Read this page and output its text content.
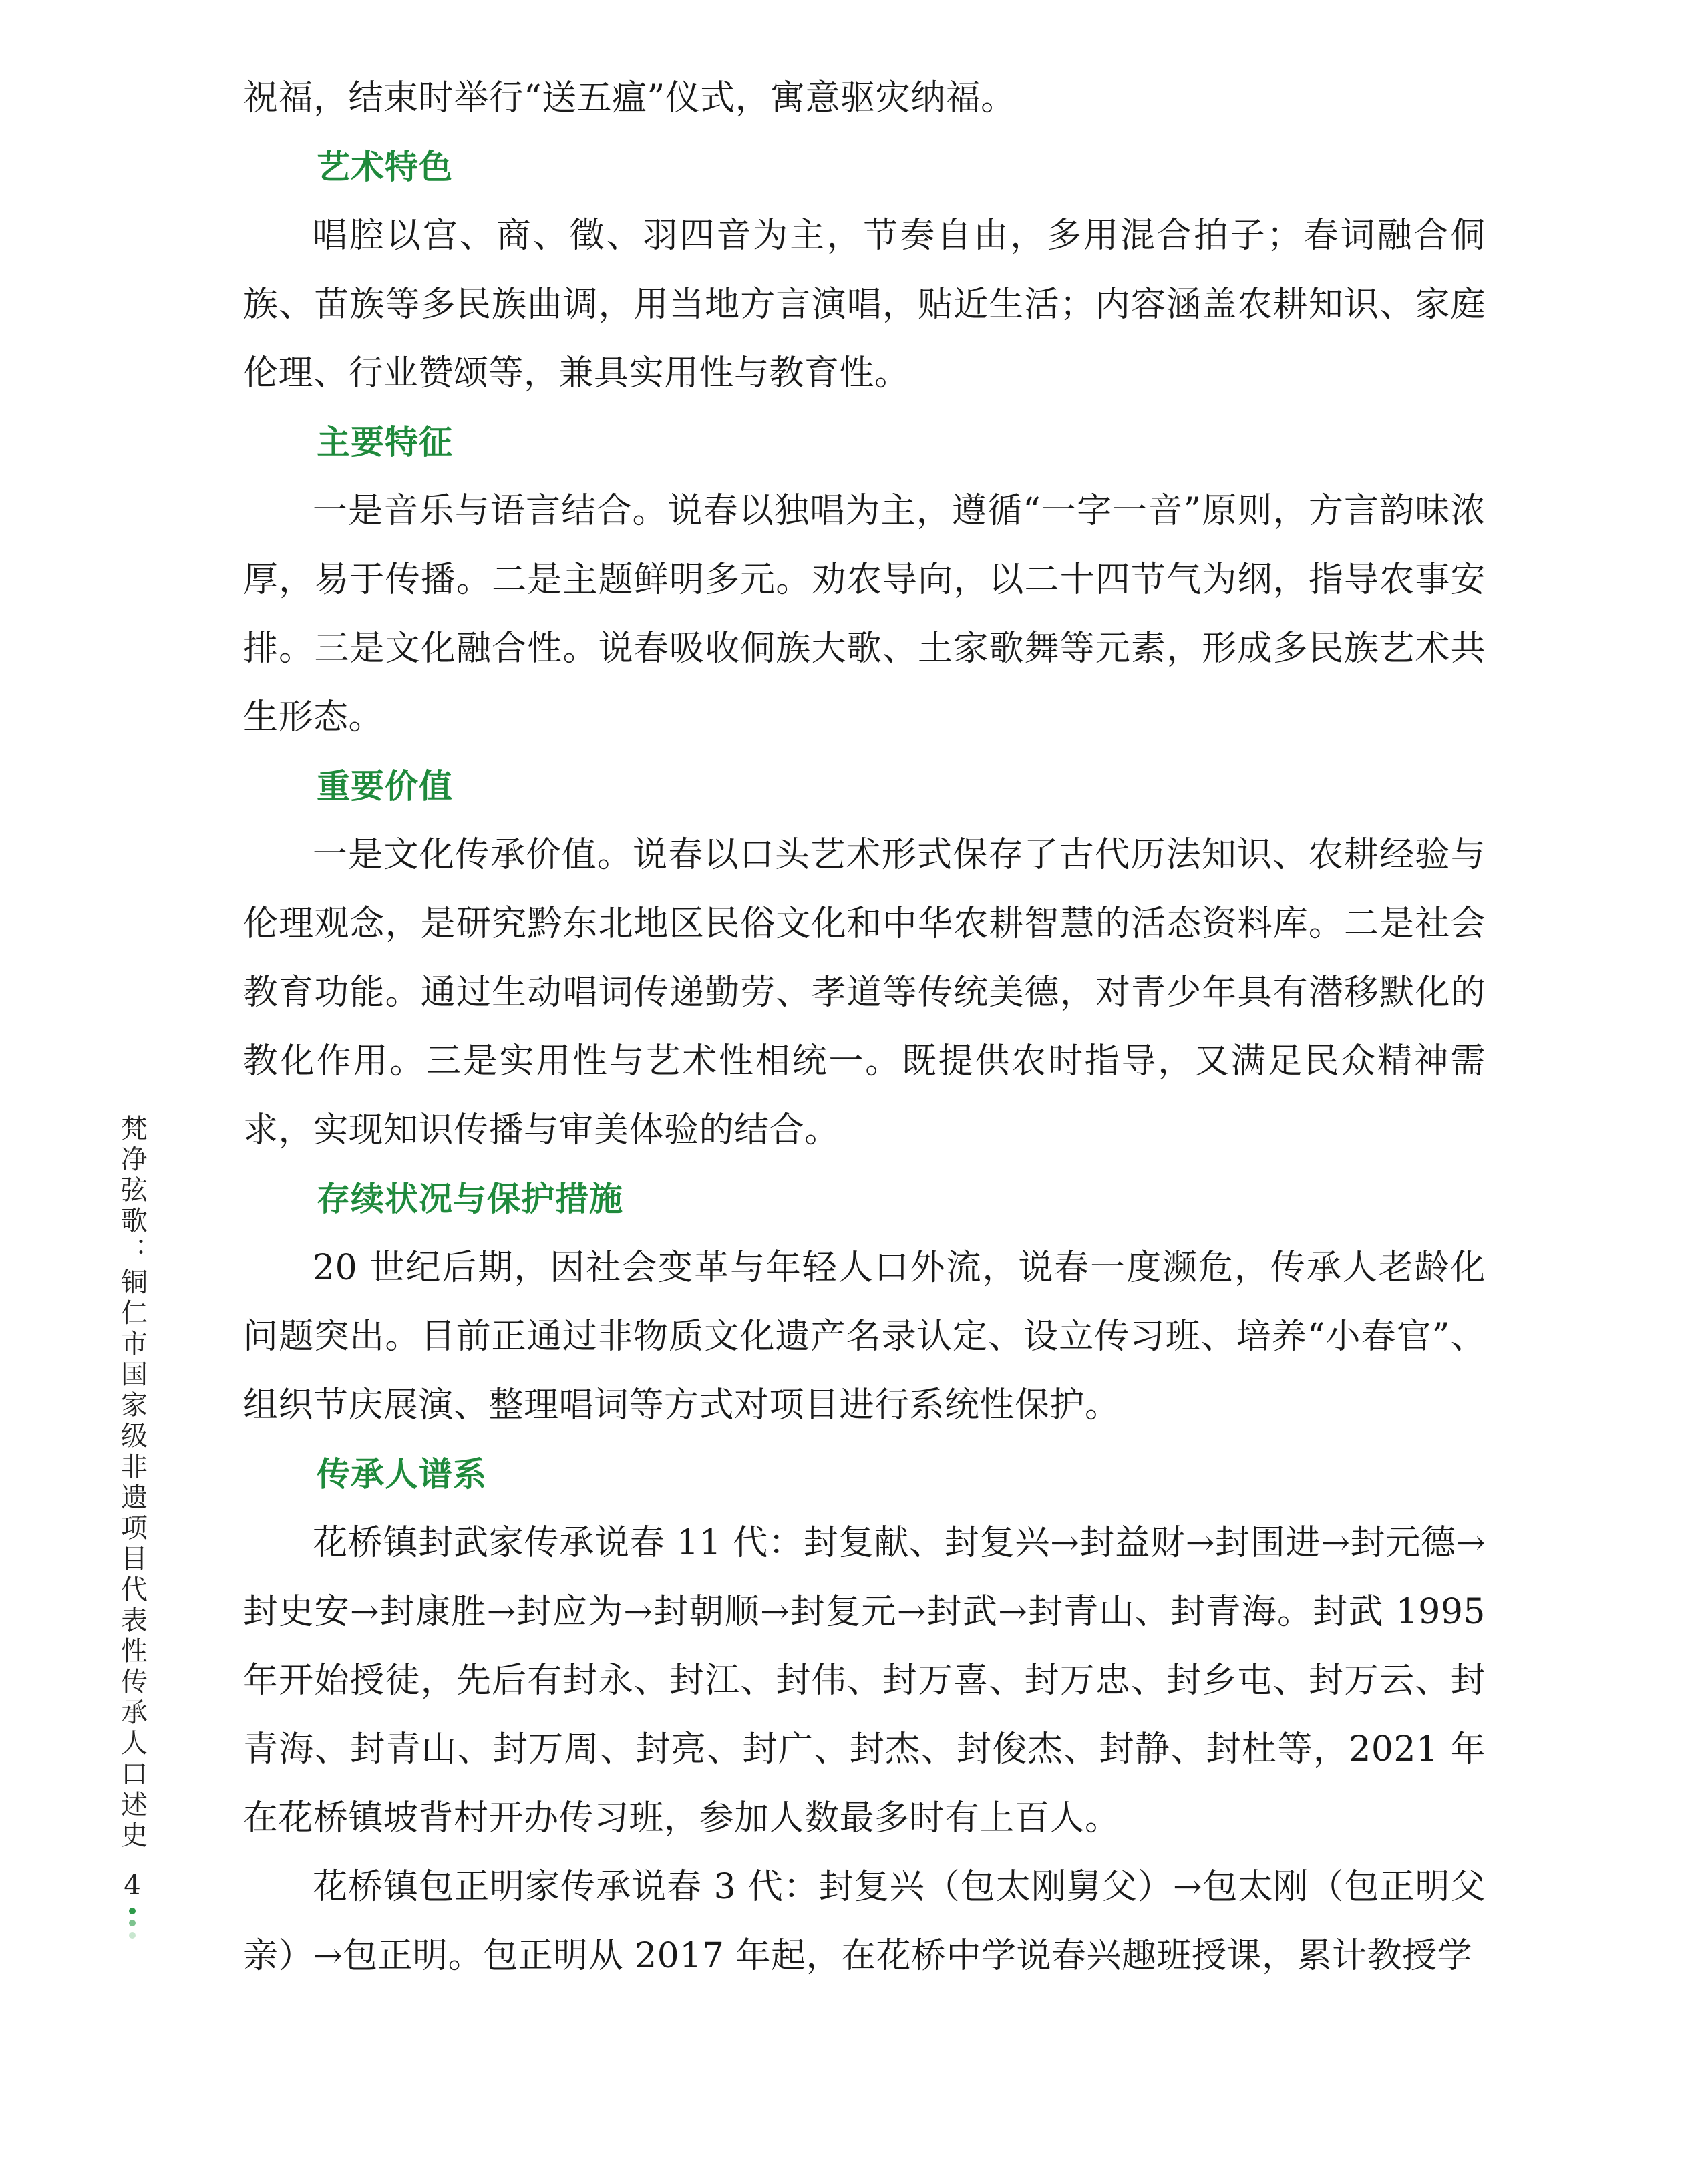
祝福，结束时举行“送五瘟”仪式，寓意驱灾纳福。

艺术特色

唱腔以宫、商、徵、羽四音为主，节奏自由，多用混合拍子；春词融合侗族、苗族等多民族曲调，用当地方言演唱，贴近生活；内容涵盖农耕知识、家庭伦理、行业赞颂等，兼具实用性与教育性。

主要特征

一是音乐与语言结合。说春以独唱为主，遵循“一字一音”原则，方言韵味浓厚，易于传播。二是主题鲜明多元。劝农导向，以二十四节气为纲，指导农事安排。三是文化融合性。说春吸收侗族大歌、土家歌舞等元素，形成多民族艺术共生形态。

重要价值

一是文化传承价值。说春以口头艺术形式保存了古代历法知识、农耕经验与伦理观念，是研究黔东北地区民俗文化和中华农耕智慧的活态资料库。二是社会教育功能。通过生动唱词传递勤劳、孝道等传统美德，对青少年具有潜移默化的教化作用。三是实用性与艺术性相统一。既提供农时指导，又满足民众精神需求，实现知识传播与审美体验的结合。

存续状况与保护措施

20 世纪后期，因社会变革与年轻人口外流，说春一度濒危，传承人老龄化问题突出。目前正通过非物质文化遗产名录认定、设立传习班、培养“小春官”、组织节庆展演、整理唱词等方式对项目进行系统性保护。

传承人谱系

花桥镇封武家传承说春 11 代：封复献、封复兴→封益财→封围进→封元德→封史安→封康胜→封应为→封朝顺→封复元→封武→封青山、封青海。封武 1995 年开始授徒，先后有封永、封江、封伟、封万喜、封万忠、封乡屯、封万云、封青海、封青山、封万周、封亮、封广、封杰、封俊杰、封静、封杜等，2021 年在花桥镇坡背村开办传习班，参加人数最多时有上百人。

花桥镇包正明家传承说春 3 代：封复兴（包太刚舅父）→包太刚（包正明父亲）→包正明。包正明从 2017 年起，在花桥中学说春兴趣班授课，累计教授学

梵净弦歌：铜仁市国家级非遗项目代表性传承人口述史
4
